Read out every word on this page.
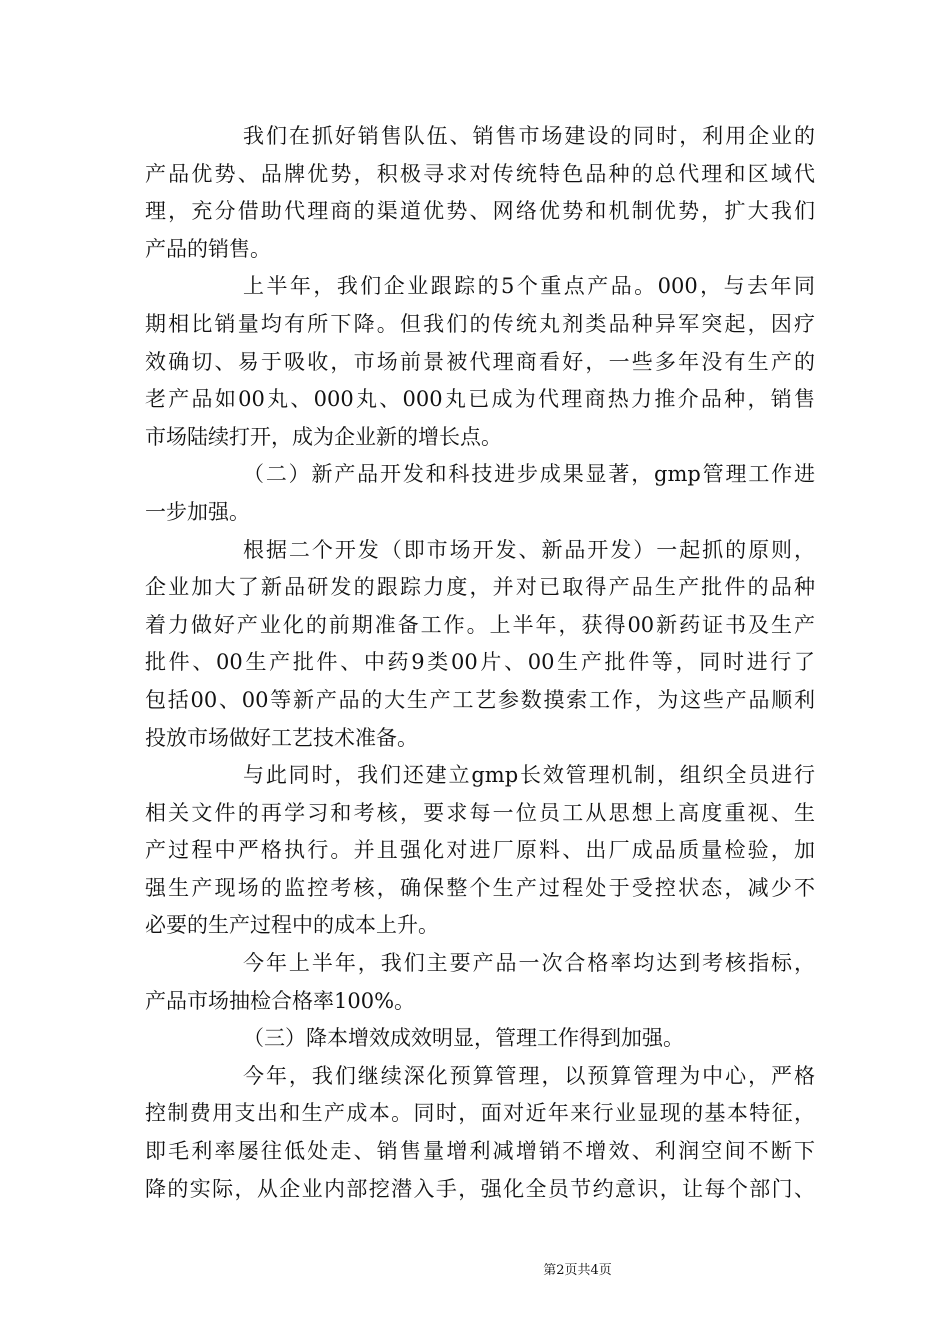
我们在抓好销售队伍、销售市场建设的同时，利用企业的
产品优势、品牌优势，积极寻求对传统特色品种的总代理和区域代
理，充分借助代理商的渠道优势、网络优势和机制优势，扩大我们
产品的销售。
上半年，我们企业跟踪的5个重点产品。000，与去年同
期相比销量均有所下降。但我们的传统丸剂类品种异军突起，因疗
效确切、易于吸收，市场前景被代理商看好，一些多年没有生产的
老产品如00丸、000丸、000丸已成为代理商热力推介品种，销售
市场陆续打开，成为企业新的增长点。
（二）新产品开发和科技进步成果显著，gmp管理工作进
一步加强。
根据二个开发（即市场开发、新品开发）一起抓的原则，
企业加大了新品研发的跟踪力度，并对已取得产品生产批件的品种
着力做好产业化的前期准备工作。上半年，获得00新药证书及生产
批件、00生产批件、中药9类00片、00生产批件等，同时进行了
包括00、00等新产品的大生产工艺参数摸索工作，为这些产品顺利
投放市场做好工艺技术准备。
与此同时，我们还建立gmp长效管理机制，组织全员进行
相关文件的再学习和考核，要求每一位员工从思想上高度重视、生
产过程中严格执行。并且强化对进厂原料、出厂成品质量检验，加
强生产现场的监控考核，确保整个生产过程处于受控状态，减少不
必要的生产过程中的成本上升。
今年上半年，我们主要产品一次合格率均达到考核指标，
产品市场抽检合格率100%。
（三）降本增效成效明显，管理工作得到加强。
今年，我们继续深化预算管理，以预算管理为中心，严格
控制费用支出和生产成本。同时，面对近年来行业显现的基本特征，
即毛利率屡往低处走、销售量增利减增销不增效、利润空间不断下
降的实际，从企业内部挖潜入手，强化全员节约意识，让每个部门、
第2页共4页
